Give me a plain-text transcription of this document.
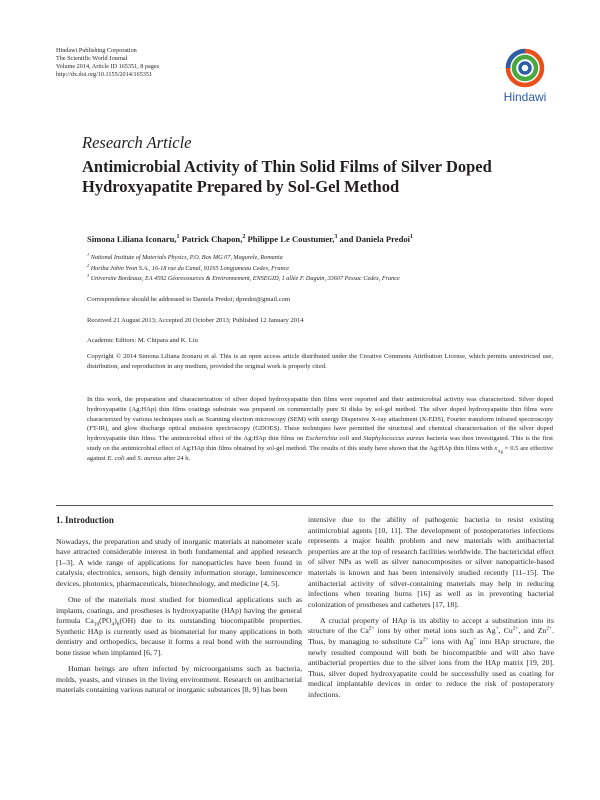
Hindawi Publishing Corporation
The Scientific World Journal
Volume 2014, Article ID 165351, 8 pages
http://dx.doi.org/10.1155/2014/165351
Hindawi
Research Article
Antimicrobial Activity of Thin Solid Films of Silver Doped
Hydroxyapatite Prepared by Sol-Gel Method
Simona Liliana Iconaru,$^1$ Patrick Chapon,$^2$ Philippe Le Coustumer,$^3$ and Daniela Predoi$^1$
$^1$ National Institute of Materials Physics, P.O. Box MG 07, Magurele, Romania
$^2$ Horiba Jobin Yvon S.A., 16-18 rue du Canal, 91165 Longjumeau Cedex, France
$^3$ Universite Bordeaux, EA 4592 Géoressources & Environnement, ENSEGID, 1 allée F. Daguin, 33607 Pessac Cedex, France
Correspondence should be addressed to Daniela Predoi; dpredoi@gmail.com
Received 21 August 2013; Accepted 20 October 2013; Published 12 January 2014
Academic Editors: M. Chipara and K. Liu
Copyright © 2014 Simona Liliana Iconaru et al. This is an open access article distributed under the Creative Commons Attribution License, which permits unrestricted use, distribution, and reproduction in any medium, provided the original work is properly cited.
In this work, the preparation and characterization of silver doped hydroxyapatite thin films were reported and their antimicrobial activity was characterized. Silver doped hydroxyapatite (Ag:HAp) thin films coatings substrate was prepared on commercially pure Si disks by sol-gel method. The silver doped hydroxyapatite thin films were characterized by various techniques such as Scanning electron microscopy (SEM) with energy Dispersive X-ray attachment (X-EDS), Fourier transform infrared spectroscopy (FT-IR), and glow discharge optical emission spectroscopy (GDOES). These techniques have permitted the structural and chemical characterisation of the silver doped hydroxyapatite thin films. The antimicrobial effect of the Ag:HAp thin films on Escherichia coli and Staphylococcus aureus bacteria was then investigated. This is the first study on the antimicrobial effect of Ag:HAp thin films obtained by sol-gel method. The results of this study have shown that the Ag:HAp thin films with $x_{Ag} = 0.5$ are effective against E. coli and S. aureus after 24 h.
1. Introduction

Nowadays, the preparation and study of inorganic materials at nanometer scale have attracted considerable interest in both fundamental and applied research [1–3]. A wide range of applications for nanoparticles have been found in catalysis, electronics, sensors, high density information storage, luminescence devices, photonics, pharmaceuticals, biotechnology, and medicine [4, 5].

One of the materials most studied for biomedical applications such as implants, coatings, and prostheses is hydroxyapatite (HAp) having the general formula $Ca_{10}(PO_4)_6(OH)$ due to its outstanding biocompatible properties. Synthetic HAp is currently used as biomaterial for many applications in both dentistry and orthopedics, because it forms a real bond with the surrounding bone tissue when implanted [6, 7].

Human beings are often infected by microorganisms such as bacteria, molds, yeasts, and viruses in the living environment. Research on antibacterial materials containing various natural or inorganic substances [8, 9] has been

intensive due to the ability of pathogenic bacteria to resist existing antimicrobial agents [10, 11]. The development of postoperatories infections represents a major health problem and new materials with antibacterial properties are at the top of research facilities worldwide. The bactericidal effect of silver NPs as well as silver nanocomposites or silver nanoparticle-based materials is known and has been intensively studied recently [11–15]. The antibacterial activity of silver-containing materials may help in reducing infections when treating burns [16] as well as in preventing bacterial colonization of prostheses and catheters [17, 18].

A crucial property of HAp is its ability to accept a substitution into its structure of the $Ca^{2+}$ ions by other metal ions such as Ag+, $Cu^{2+}$, and $Zn^{2+}$. Thus, by managing to substitute $Ca^{2+}$ ions with Ag+ into HAp structure, the newly resulted compound will both be biocompatible and will also have antibacterial properties due to the silver ions from the HAp matrix [19, 20]. Thus, silver doped hydroxyapatite could be successfully used as coating for medical implantable devices in order to reduce the risk of postoperatory infections.
